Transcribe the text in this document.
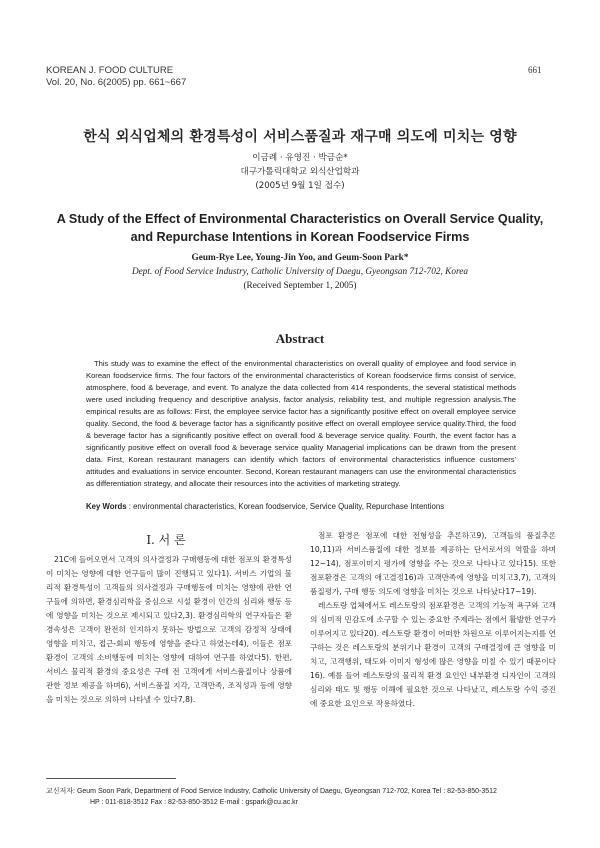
KOREAN J. FOOD CULTURE
Vol. 20, No. 6(2005) pp. 661~667
661
한식 외식업체의 환경특성이 서비스품질과 재구매 의도에 미치는 영향
이금례 · 유영진 · 박금순*
대구가톨릭대학교 외식산업학과
(2005년 9월 1일 접수)
A Study of the Effect of Environmental Characteristics on Overall Service Quality,
and Repurchase Intentions in Korean Foodservice Firms
Geum-Rye Lee, Young-Jin Yoo, and Geum-Soon Park*
Dept. of Food Service Industry, Catholic University of Daegu, Gyeongsan 712-702, Korea
(Received September 1, 2005)
Abstract
This study was to examine the effect of the environmental characteristics on overall quality of employee and food service in Korean foodservice firms. The four factors of the environmental characteristics of Korean foodservice firms consist of service, atmosphere, food & beverage, and event. To analyze the data collected from 414 respondents, the several statistical methods were used including frequency and descriptive analysis, factor analysis, reliability test, and multiple regression analysis.The empirical results are as follows: First, the employee service factor has a significantly positive effect on overall employee service quality. Second, the food & beverage factor has a significantly positive effect on overall employee service quality.Third, the food & beverage factor has a significantly positive effect on overall food & beverage service quality. Fourth, the event factor has a significantly positive effect on overall food & beverage service quality Managerial implications can be drawn from the present data. First, Korean restaurant managers can identify which factors of environmental characteristics influence customers' attitudes and evaluations in service encounter. Second, Korean restaurant managers can use the environmental characteristics as differentiation strategy, and allocate their resources into the activities of marketing strategy.
Key Words : environmental characteristics, Korean foodservice, Service Quality, Repurchase Intentions
I. 서 론

21C에 들어오면서 고객의 의사결정과 구매행동에 대한 점포의 환경특성이 미치는 영향에 대한 연구들이 많이 진행되고 있다1). 서비스 기업의 물리적 환경특성이 고객들의 의사결정과 구매행동에 미치는 영향에 관한 연구들에 의하면, 환경심리학을 중심으로 시설 환경이 인간의 심리와 행동 등에 영향을 미치는 것으로 제시되고 있다2,3). 환경심리학의 연구자들은 환경속성은 고객이 완전히 인지하지 못하는 방법으로 고객의 감정적 상태에 영향을 미치고, 접근-회피 행동에 영향을 준다고 하였는데4), 이들은 점포환경이 고객의 소비행동에 미치는 영향에 대하여 연구를 하였다5). 한편, 서비스 물리적 환경의 중요성은 구매 전 고객에게 서비스품질이나 상품에 관한 정보 제공을 하며6), 서비스품질 지각, 고객만족, 조직성과 등에 영향을 미치는 것으로 의하여 나타낼 수 있다7,8).

점포 환경은 점포에 대한 전형성을 추론하고9), 고객들의 품질추론10,11)과 서비스품질에 대한 정보를 제공하는 단서로서의 역할을 하며12~14), 점포이미지 평가에 영향을 주는 것으로 나타나고 있다15). 또한 점포환경은 고객의 애고결정16)과 고객만족에 영향을 미치고3,7), 고객의 품질평가, 구매 행동 의도에 영향을 미치는 것으로 나타났다17~19).

레스토랑 업체에서도 레스토랑의 점포환경은 고객의 기능적 욕구와 고객의 심미적 민감도에 소구할 수 있는 중요한 주제라는 점에서 활발한 연구가 이루어지고 있다20). 레스토랑 환경이 어떠한 차원으로 이루어지는지를 연구하는 것은 레스토랑의 분위기나 환경이 고객의 구매결정에 큰 영향을 미치고, 고객행위, 태도와 이미지 형성에 많은 영향을 미칠 수 있기 때문이다16). 예를 들어 레스토랑의 물리적 환경 요인인 내부환경 디자인이 고객의 심리와 태도 및 행동 이해에 필요한 것으로 나타났고, 레스토랑 수익 증진에 중요한 요인으로 작용하였다.

교신저자: Geum Soon Park, Department of Food Service Industry, Catholic University of Daegu, Gyeongsan 712-702, Korea Tel : 82-53-850-3512
HP : 011-818-3512 Fax : 82-53-850-3512 E-mail : gspark@cu.ac.kr
